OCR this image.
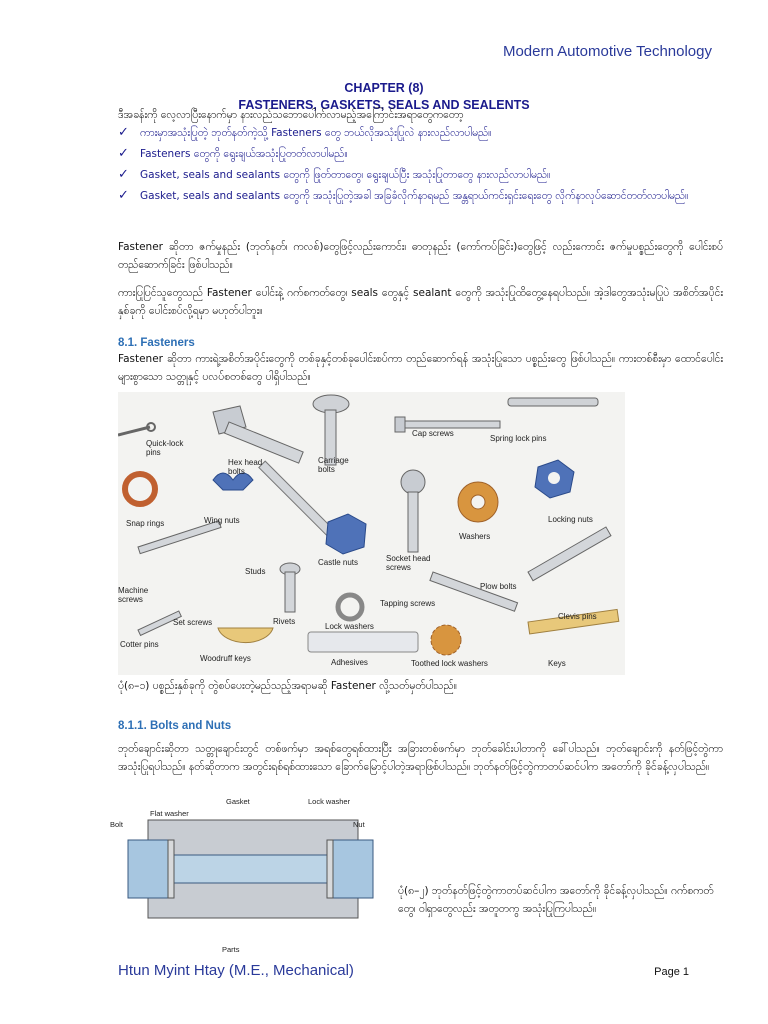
Modern Automotive Technology
CHAPTER (8)
FASTENERS, GASKETS, SEALS AND SEALENTS
ဒီအခန်းကို လေ့လာပြီးနောက်မှာ နားလည်သဘောပေါက်လာမည့်အကြောင်းအရာတွေကတော့
✓ ကားမှာအသုံးပြုတဲ့ ဘုတ်နတ်ကဲ့သို့ Fasteners တွေ ဘယ်လိုအသုံးပြုလဲ နားလည်လာပါမည်။
✓ Fasteners တွေကို ရွေးချယ်အသုံးပြုတတ်လာပါမည်။
✓ Gasket, seals and sealants တွေကို ဖြုတ်တာတွေ၊ ရွေးချယ်ပြီး အသုံးပြုတာတွေ နားလည်လာပါမည်။
✓ Gasket, seals and sealants တွေကို အသုံးပြုတဲ့အခါ အခြခံလိုက်နာရမည် အန္တရာယ်ကင်းရှင်းရေးတွေ လိုက်နာလုပ်ဆောင်တတ်လာပါမည်။
Fastener ဆိုတာ ဇက်မှုနည်း (ဘုတ်နတ်၊ ကလစ်)တွေဖြင့်လည်းကောင်း၊ ဓာတုနည်း (ကော်ကပ်ခြင်း)တွေဖြင့် လည်းကောင်း ဇက်မှုပစ္စည်းတွေကို ပေါင်းစပ်တည်ဆောက်ခြင်း ဖြစ်ပါသည်။
ကားပြုပြင်သူတွေသည် Fastener ပေါင်းနဲ့ ဂက်စကတ်တွေ၊ seals တွေနှင့် sealant တွေကို အသုံးပြုထိတွေ့နေရပါသည်။ အဲ့ဒါတွေအသုံးမပြုပဲ အစိတ်အပိုင်းနှစ်ခုကို ပေါင်းစပ်လို့ရမှာ မဟုတ်ပါဘူး။
8.1. Fasteners
Fastener ဆိုတာ ကားရဲ့အစိတ်အပိုင်းတွေကို တစ်ခုနှင့်တစ်ခုပေါင်းစပ်ကာ တည်ဆောက်ရန် အသုံးပြုသော ပစ္စည်းတွေ ဖြစ်ပါသည်။ ကားတစ်စီးမှာ ထောင်ပေါင်းများစွာသော သတ္တုနှင့် ပလပ်စတစ်တွေ ပါရှိပါသည်။
Quick-lock pins
Hex head bolts
Carriage bolts
Cap screws
Spring lock pins
Snap rings	Wing nuts
Castle nuts
Washers
Locking nuts
Socket head screws
Studs
Machine screws
Plow bolts
Rivets
Tapping screws
Clevis pins
Set screws	Lock washers
Cotter pins
Woodruff keys	Adhesives	Toothed lock washers	Keys
ပုံ(၈–၁) ပစ္စည်းနှစ်ခုကို တွဲစပ်ပေးတဲ့မည်သည့်အရာမဆို Fastener လို့သတ်မှတ်ပါသည်။
8.1.1. Bolts and Nuts
ဘုတ်ချောင်းဆိုတာ သတ္တုချောင်းတွင် တစ်ဖက်မှာ အရစ်တွေရစ်ထားပြီး အခြားတစ်ဖက်မှာ ဘုတ်ခေါင်းပါတာကို ခေါ်ပါသည်။ ဘုတ်ချောင်းကို နတ်ဖြင့်တွဲကာ အသုံးပြုရပါသည်။ နတ်ဆိုတာက အတွင်းရစ်ရစ်ထားသော ခြောက်မြောင့်ပါတဲ့အရာဖြစ်ပါသည်။ ဘုတ်နတ်ဖြင့်တွဲကာတပ်ဆင်ပါက အတော်ကို ခိုင်ခန့်လှပါသည်။
Flat washer
Gasket	Lock washer
Bolt	Nut
Parts
ပုံ(၈–၂) ဘုတ်နတ်ဖြင့်တွဲကာတပ်ဆင်ပါက အတော်ကို ခိုင်ခန့်လှပါသည်။ ဂက်စကတ်တွေ၊ ဝါရှာတွေလည်း အတူတကွ အသုံးပြုကြပါသည်။
Htun Myint Htay (M.E., Mechanical)	Page 1
